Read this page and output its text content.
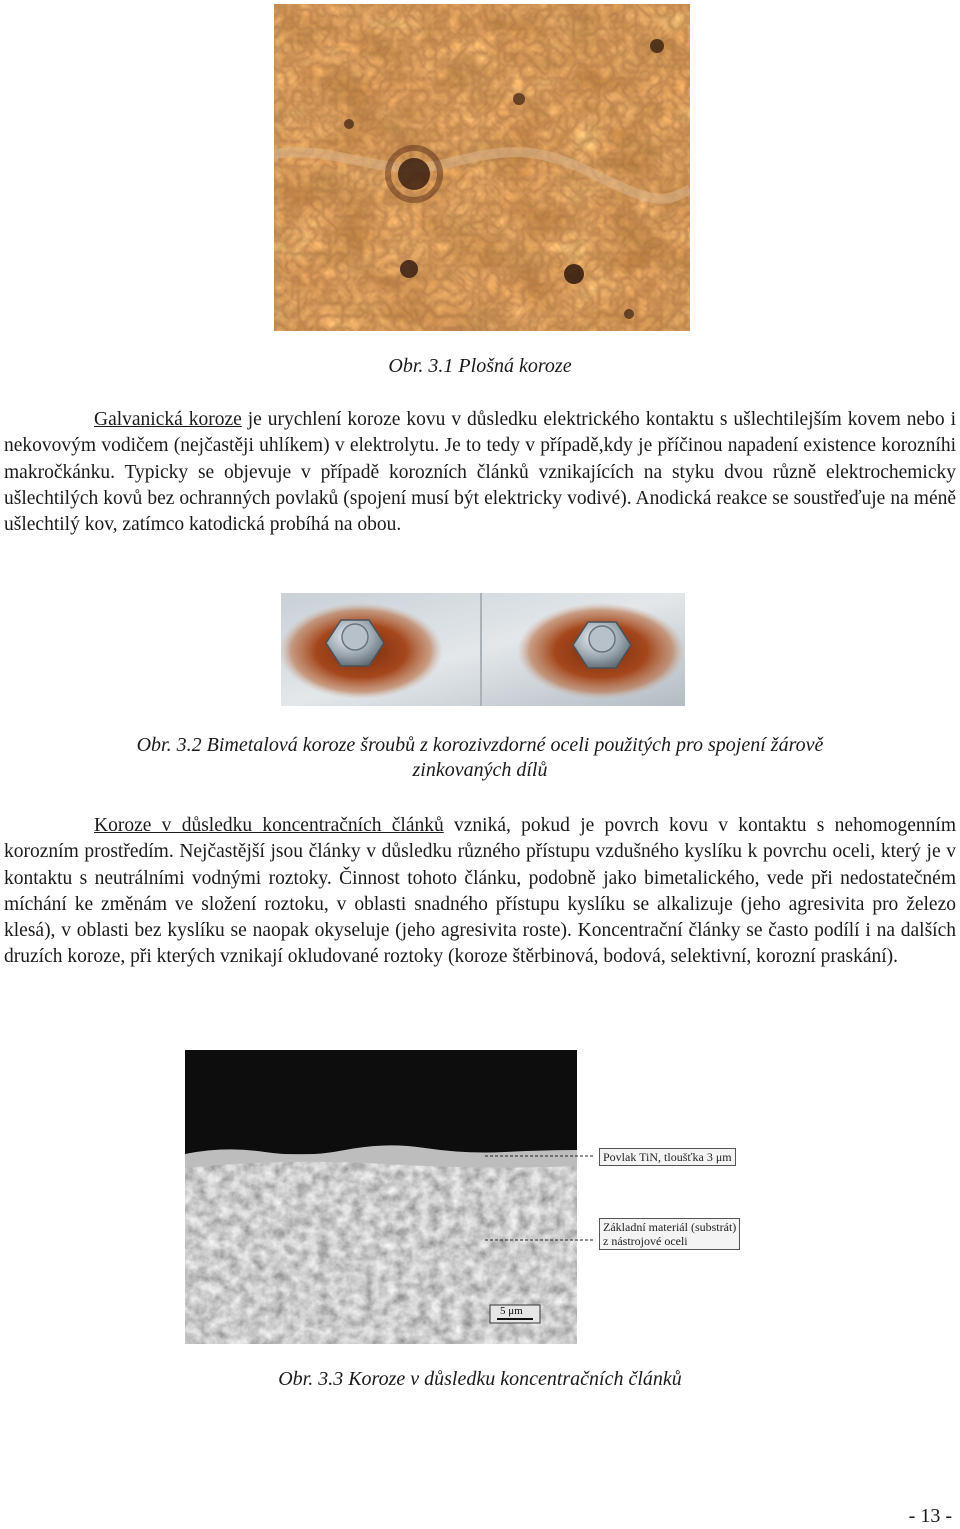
Obr. 3.1 Plošná koroze

Galvanická koroze je urychlení koroze kovu v důsledku elektrického kontaktu s ušlechtilejším kovem nebo i nekovovým vodičem (nejčastěji uhlíkem) v elektrolytu. Je to tedy v případě,kdy je příčinou napadení existence korozníhi makročkánku. Typicky se objevuje v případě korozních článků vznikajících na styku dvou různě elektrochemicky ušlechtilých kovů bez ochranných povlaků (spojení musí být elektricky vodivé). Anodická reakce se soustřeďuje na méně ušlechtilý kov, zatímco katodická probíhá na obou.

Obr. 3.2 Bimetalová koroze šroubů z korozivzdorné oceli použitých pro spojení žárově zinkovaných dílů

Koroze v důsledku koncentračních článků vzniká, pokud je povrch kovu v kontaktu s nehomogenním korozním prostředím. Nejčastější jsou články v důsledku různého přístupu vzdušného kyslíku k povrchu oceli, který je v kontaktu s neutrálními vodnými roztoky. Činnost tohoto článku, podobně jako bimetalického, vede při nedostatečném míchání ke změnám ve složení roztoku, v oblasti snadného přístupu kyslíku se alkalizuje (jeho agresivita pro železo klesá), v oblasti bez kyslíku se naopak okyseluje (jeho agresivita roste). Koncentrační články se často podílí i na dalších druzích koroze, při kterých vznikají okludované roztoky (koroze štěrbinová, bodová, selektivní, korozní praskání).

Povlak TiN, tloušťka 3 μm
Základní materiál (substrát)
z nástrojové oceli
5 μm
Obr. 3.3 Koroze v důsledku koncentračních článků
- 13 -
